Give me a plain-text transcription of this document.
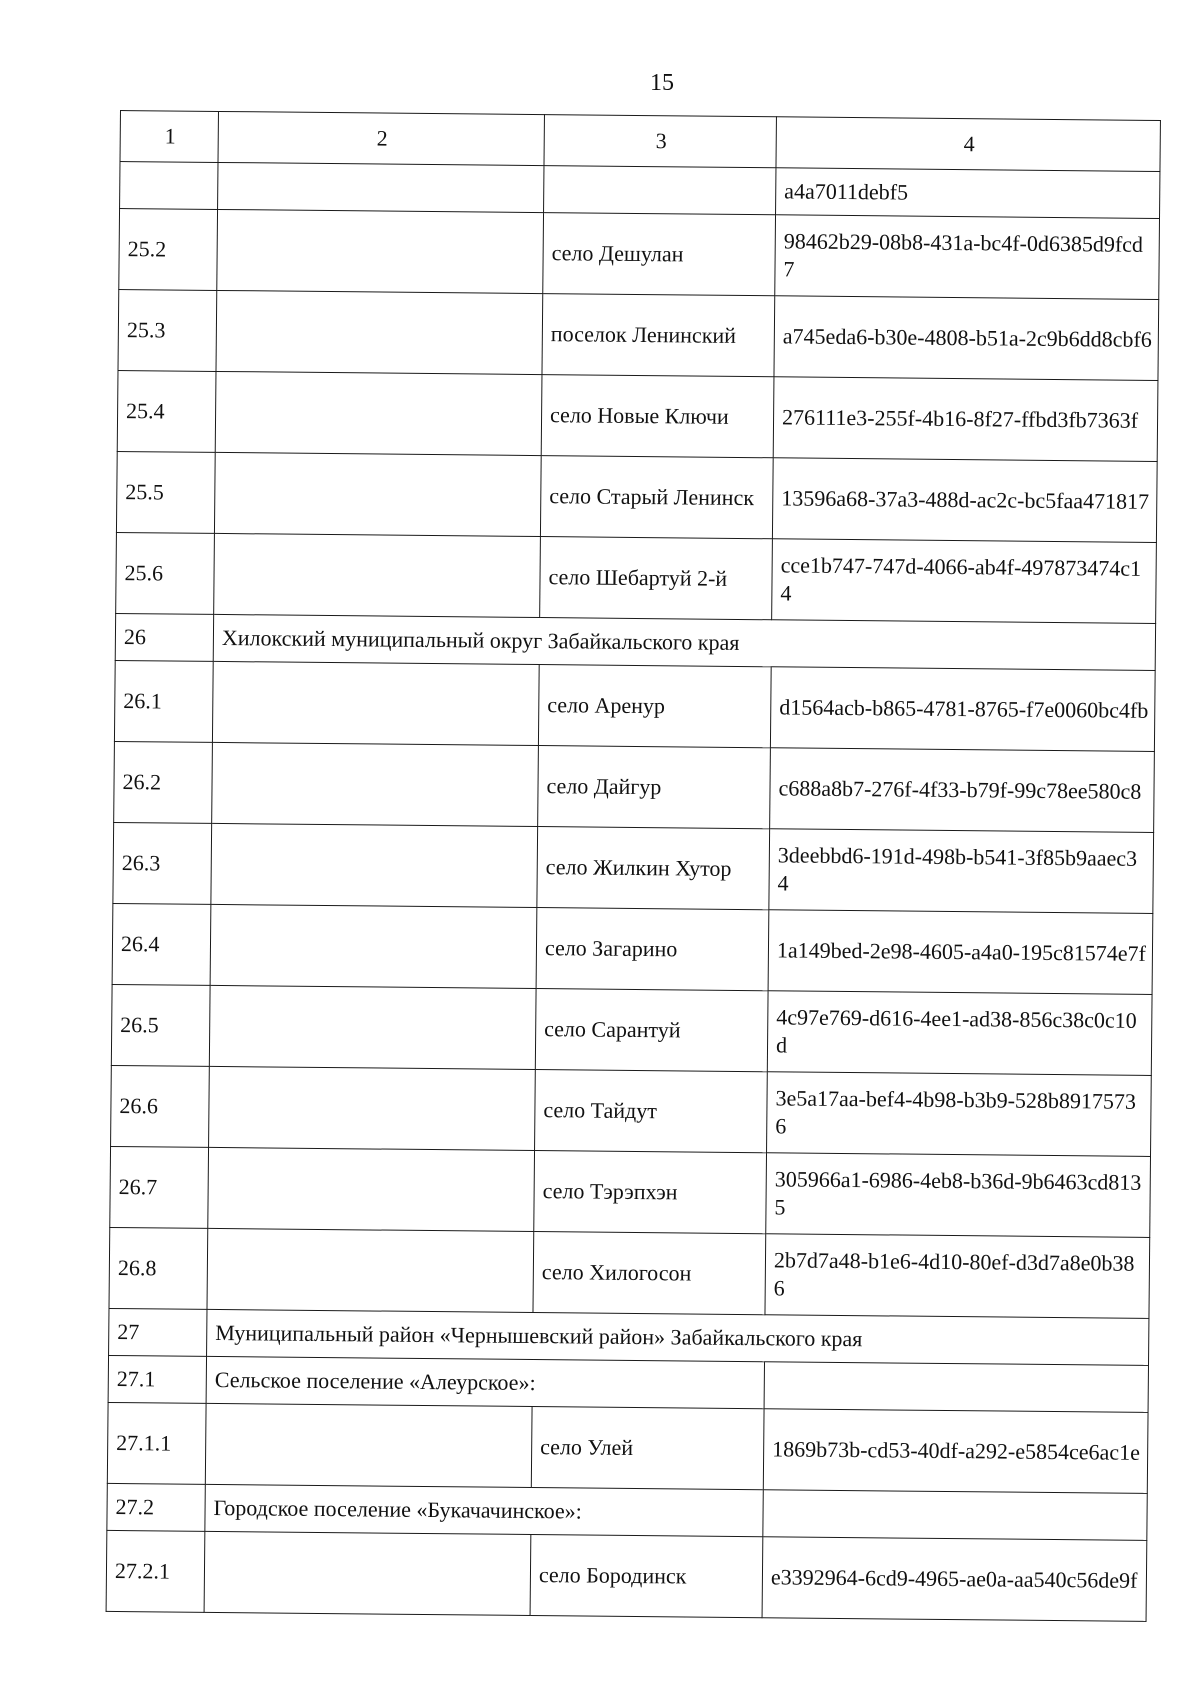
15
1	2	3	4
			a4a7011debf5
25.2		село Дешулан	98462b29-08b8-431a-bc4f-0d6385d9fcd7
25.3		поселок Ленинский	a745eda6-b30e-4808-b51a-2c9b6dd8cbf6
25.4		село Новые Ключи	276111e3-255f-4b16-8f27-ffbd3fb7363f
25.5		село Старый Ленинск	13596a68-37a3-488d-ac2c-bc5faa471817
25.6		село Шебартуй 2-й	cce1b747-747d-4066-ab4f-497873474c14
26	Хилокский муниципальный округ Забайкальского края		
26.1		село Аренур	d1564acb-b865-4781-8765-f7e0060bc4fb
26.2		село Дайгур	c688a8b7-276f-4f33-b79f-99c78ee580c8
26.3		село Жилкин Хутор	3deebbd6-191d-498b-b541-3f85b9aaec34
26.4		село Загарино	1a149bed-2e98-4605-a4a0-195c81574e7f
26.5		село Сарантуй	4c97e769-d616-4ee1-ad38-856c38c0c10d
26.6		село Тайдут	3e5a17aa-bef4-4b98-b3b9-528b89175736
26.7		село Тэрэпхэн	305966a1-6986-4eb8-b36d-9b6463cd8135
26.8		село Хилогосон	2b7d7a48-b1e6-4d10-80ef-d3d7a8e0b386
27	Муниципальный район «Чернышевский район» Забайкальского края		
27.1	Сельское поселение «Алеурское»:		
27.1.1		село Улей	1869b73b-cd53-40df-a292-e5854ce6ac1e
27.2	Городское поселение «Букачачинское»:		
27.2.1		село Бородинск	e3392964-6cd9-4965-ae0a-aa540c56de9f
